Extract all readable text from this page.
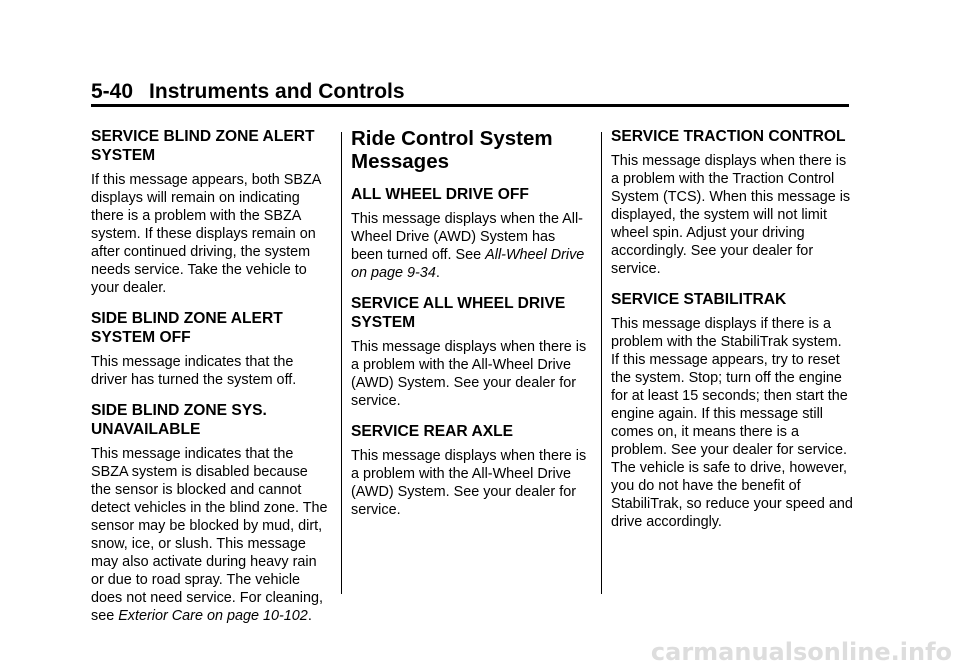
5-40 Instruments and Controls
SERVICE BLIND ZONE ALERT SYSTEM

If this message appears, both SBZA displays will remain on indicating there is a problem with the SBZA system. If these displays remain on after continued driving, the system needs service. Take the vehicle to your dealer.

SIDE BLIND ZONE ALERT SYSTEM OFF

This message indicates that the driver has turned the system off.

SIDE BLIND ZONE SYS. UNAVAILABLE

This message indicates that the SBZA system is disabled because the sensor is blocked and cannot detect vehicles in the blind zone. The sensor may be blocked by mud, dirt, snow, ice, or slush. This message may also activate during heavy rain or due to road spray. The vehicle does not need service. For cleaning, see Exterior Care on page 10-102.

Ride Control System Messages
ALL WHEEL DRIVE OFF

This message displays when the All-Wheel Drive (AWD) System has been turned off. See All-Wheel Drive on page 9-34.

SERVICE ALL WHEEL DRIVE SYSTEM

This message displays when there is a problem with the All-Wheel Drive (AWD) System. See your dealer for service.

SERVICE REAR AXLE

This message displays when there is a problem with the All-Wheel Drive (AWD) System. See your dealer for service.

SERVICE TRACTION CONTROL

This message displays when there is a problem with the Traction Control System (TCS). When this message is displayed, the system will not limit wheel spin. Adjust your driving accordingly. See your dealer for service.

SERVICE STABILITRAK

This message displays if there is a problem with the StabiliTrak system. If this message appears, try to reset the system. Stop; turn off the engine for at least 15 seconds; then start the engine again. If this message still comes on, it means there is a problem. See your dealer for service. The vehicle is safe to drive, however, you do not have the benefit of StabiliTrak, so reduce your speed and drive accordingly.

carmanualsonline.info
